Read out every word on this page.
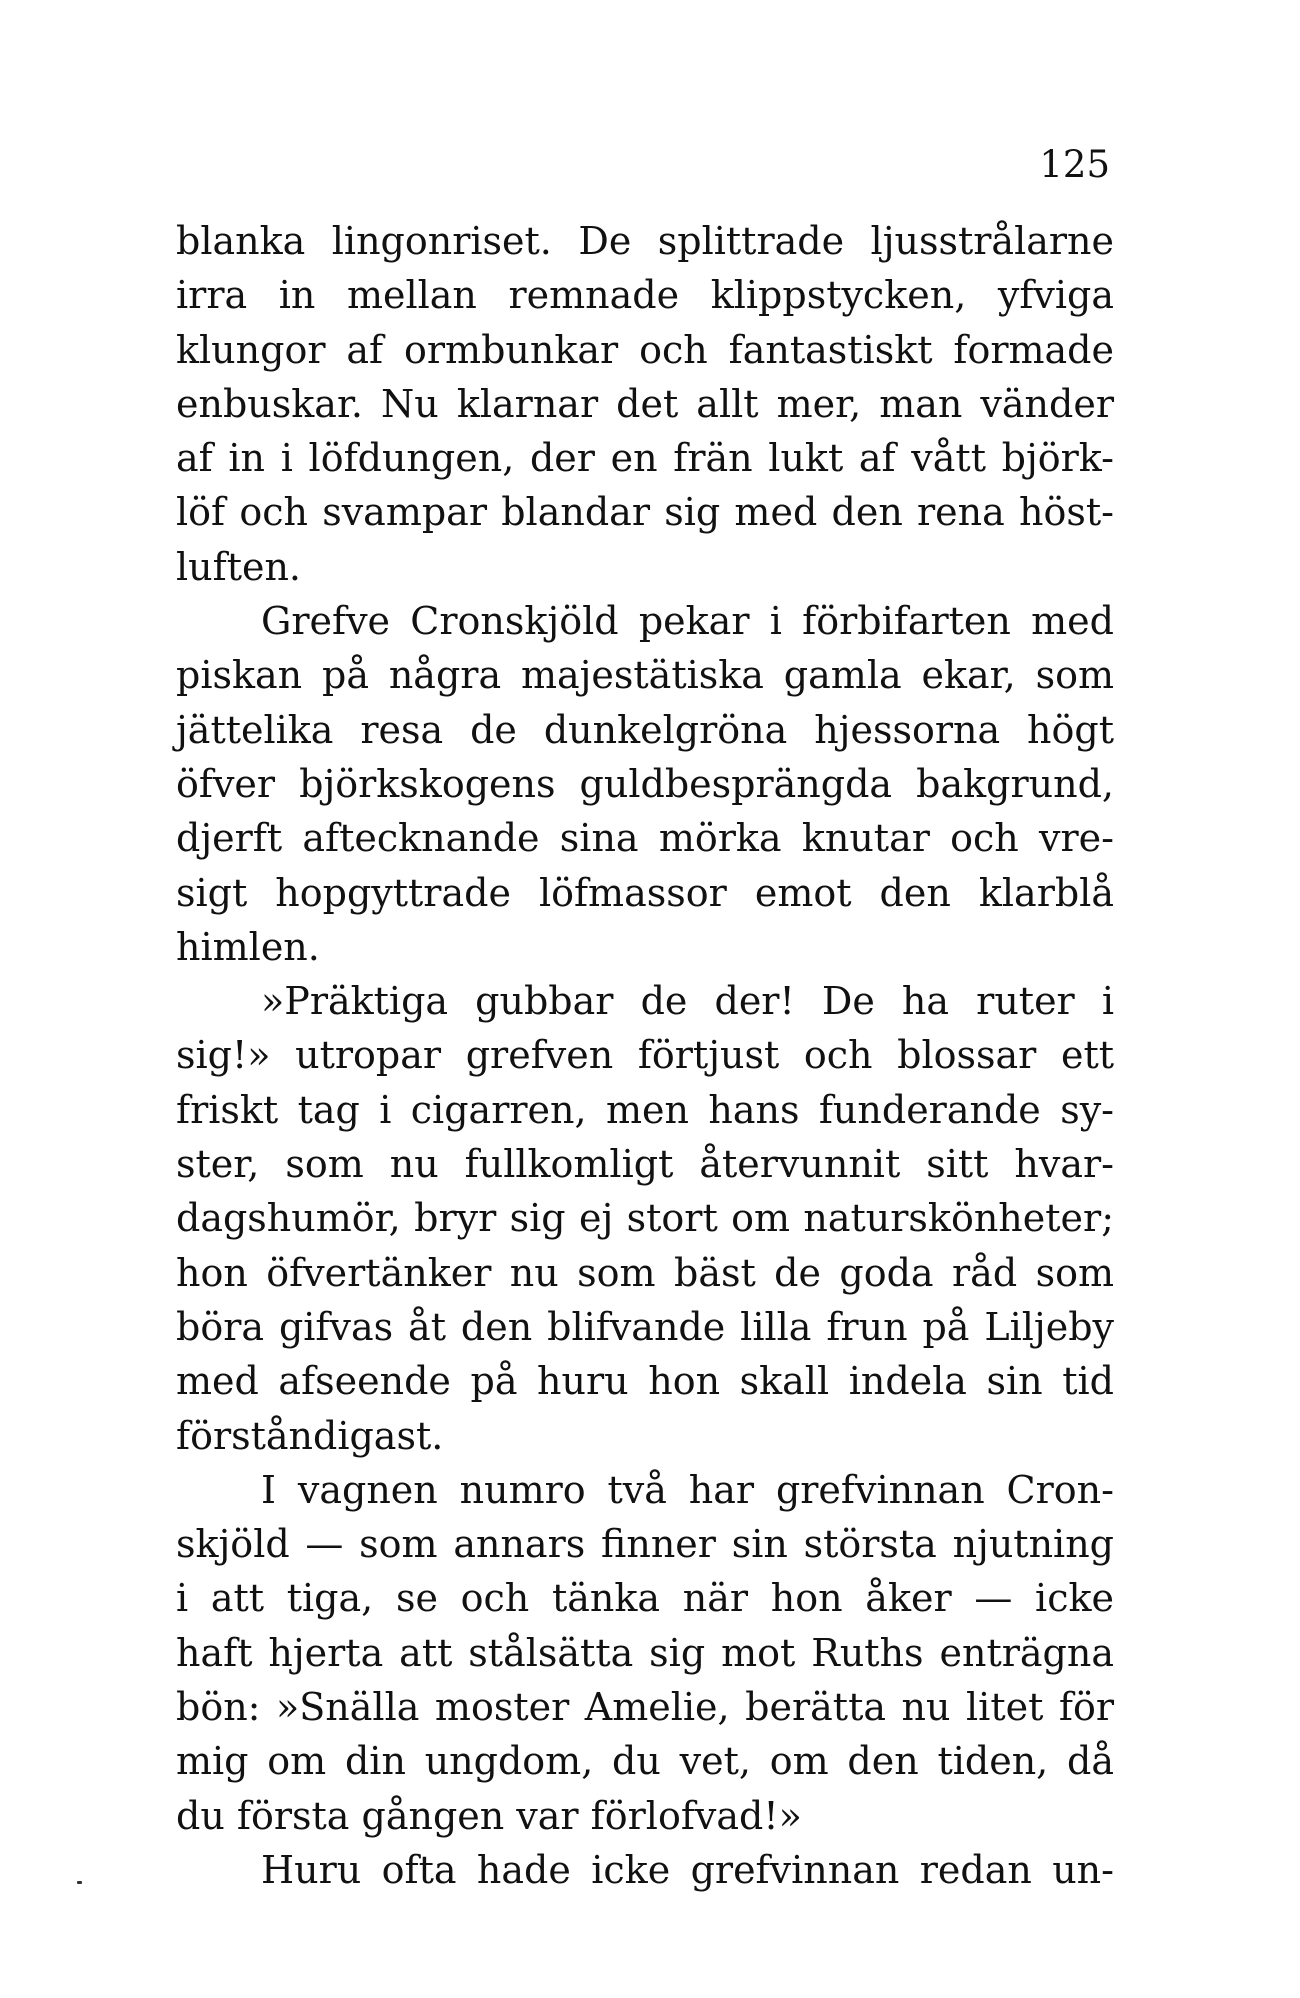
125
blanka lingonriset. De splittrade ljusstrålarne
irra in mellan remnade klippstycken, yfviga
klungor af ormbunkar och fantastiskt formade
enbuskar. Nu klarnar det allt mer, man vänder
af in i löfdungen, der en frän lukt af vått björk-
löf och svampar blandar sig med den rena höst-
luften.
Grefve Cronskjöld pekar i förbifarten med
piskan på några majestätiska gamla ekar, som
jättelika resa de dunkelgröna hjessorna högt
öfver björkskogens guldbesprängda bakgrund,
djerft aftecknande sina mörka knutar och vre-
sigt hopgyttrade löfmassor emot den klarblå
himlen.
»Präktiga gubbar de der! De ha ruter i
sig!» utropar grefven förtjust och blossar ett
friskt tag i cigarren, men hans funderande sy-
ster, som nu fullkomligt återvunnit sitt hvar-
dagshumör, bryr sig ej stort om naturskönheter;
hon öfvertänker nu som bäst de goda råd som
böra gifvas åt den blifvande lilla frun på Liljeby
med afseende på huru hon skall indela sin tid
förståndigast.
I vagnen numro två har grefvinnan Cron-
skjöld — som annars finner sin största njutning
i att tiga, se och tänka när hon åker — icke
haft hjerta att stålsätta sig mot Ruths enträgna
bön: »Snälla moster Amelie, berätta nu litet för
mig om din ungdom, du vet, om den tiden, då
du första gången var förlofvad!»
Huru ofta hade icke grefvinnan redan un-
